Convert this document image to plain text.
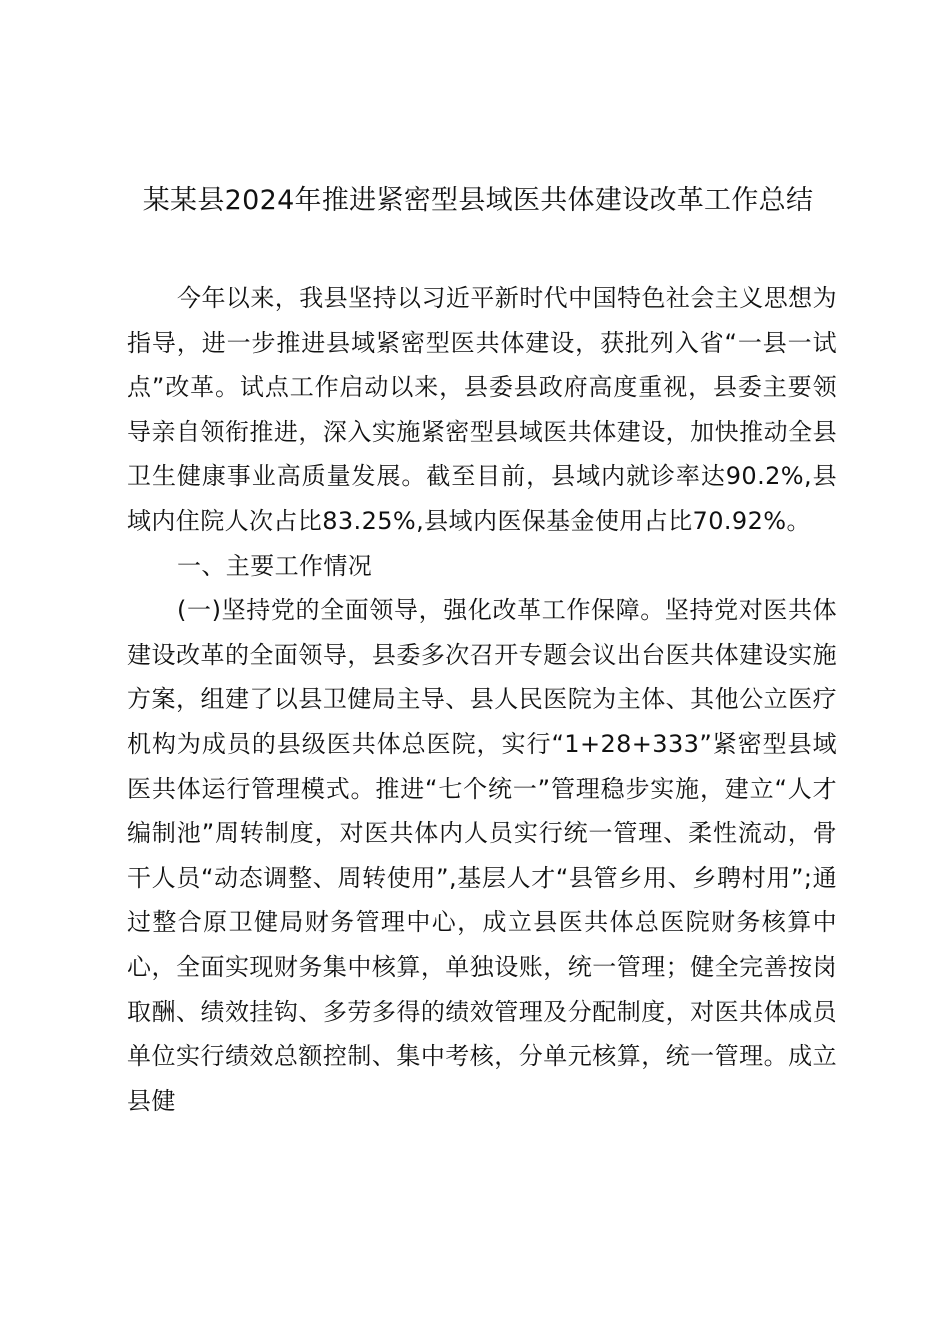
某某县2024年推进紧密型县域医共体建设改革工作总结

今年以来，我县坚持以习近平新时代中国特色社会主义思想为指导，进一步推进县域紧密型医共体建设，获批列入省“一县一试点”改革。试点工作启动以来，县委县政府高度重视，县委主要领导亲自领衔推进，深入实施紧密型县域医共体建设，加快推动全县卫生健康事业高质量发展。截至目前，县域内就诊率达90.2%,县域内住院人次占比83.25%,县域内医保基金使用占比70.92%。

一、主要工作情况

(一)坚持党的全面领导，强化改革工作保障。坚持党对医共体建设改革的全面领导，县委多次召开专题会议出台医共体建设实施方案，组建了以县卫健局主导、县人民医院为主体、其他公立医疗机构为成员的县级医共体总医院，实行“1+28+333”紧密型县域医共体运行管理模式。推进“七个统一”管理稳步实施，建立“人才编制池”周转制度，对医共体内人员实行统一管理、柔性流动，骨干人员“动态调整、周转使用”,基层人才“县管乡用、乡聘村用”;通过整合原卫健局财务管理中心，成立县医共体总医院财务核算中心，全面实现财务集中核算，单独设账，统一管理；健全完善按岗取酬、绩效挂钩、多劳多得的绩效管理及分配制度，对医共体成员单位实行绩效总额控制、集中考核，分单元核算，统一管理。成立县健
